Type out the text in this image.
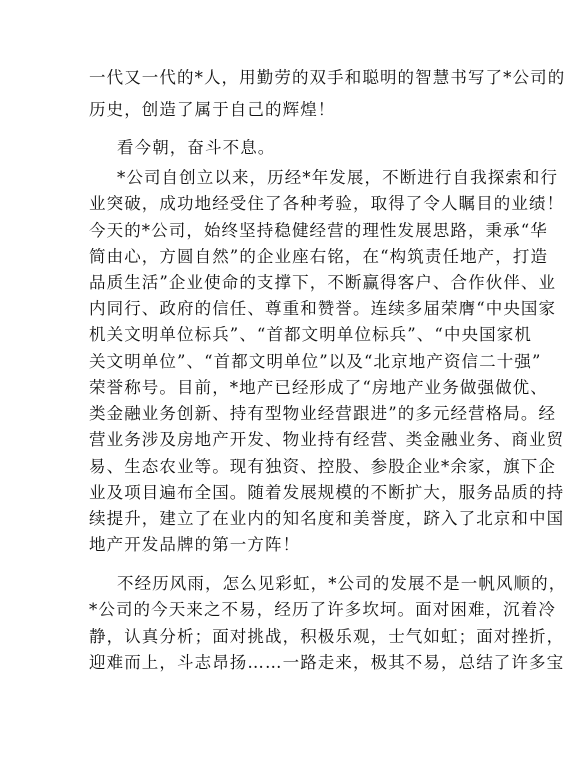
一代又一代的*人，用勤劳的双手和聪明的智慧书写了*公司的
历史，创造了属于自己的辉煌！
看今朝，奋斗不息。
*公司自创立以来，历经*年发展，不断进行自我探索和行
业突破，成功地经受住了各种考验，取得了令人瞩目的业绩！
今天的*公司，始终坚持稳健经营的理性发展思路，秉承“华
简由心，方圆自然”的企业座右铭，在“构筑责任地产，打造
品质生活”企业使命的支撑下，不断赢得客户、合作伙伴、业
内同行、政府的信任、尊重和赞誉。连续多届荣膺“中央国家
机关文明单位标兵”、“首都文明单位标兵”、“中央国家机
关文明单位”、“首都文明单位”以及“北京地产资信二十强”
荣誉称号。目前，*地产已经形成了“房地产业务做强做优、
类金融业务创新、持有型物业经营跟进”的多元经营格局。经
营业务涉及房地产开发、物业持有经营、类金融业务、商业贸
易、生态农业等。现有独资、控股、参股企业*余家，旗下企
业及项目遍布全国。随着发展规模的不断扩大，服务品质的持
续提升，建立了在业内的知名度和美誉度，跻入了北京和中国
地产开发品牌的第一方阵！
不经历风雨，怎么见彩虹，*公司的发展不是一帆风顺的，
*公司的今天来之不易，经历了许多坎坷。面对困难，沉着冷
静，认真分析；面对挑战，积极乐观，士气如虹；面对挫折，
迎难而上，斗志昂扬……一路走来，极其不易，总结了许多宝
